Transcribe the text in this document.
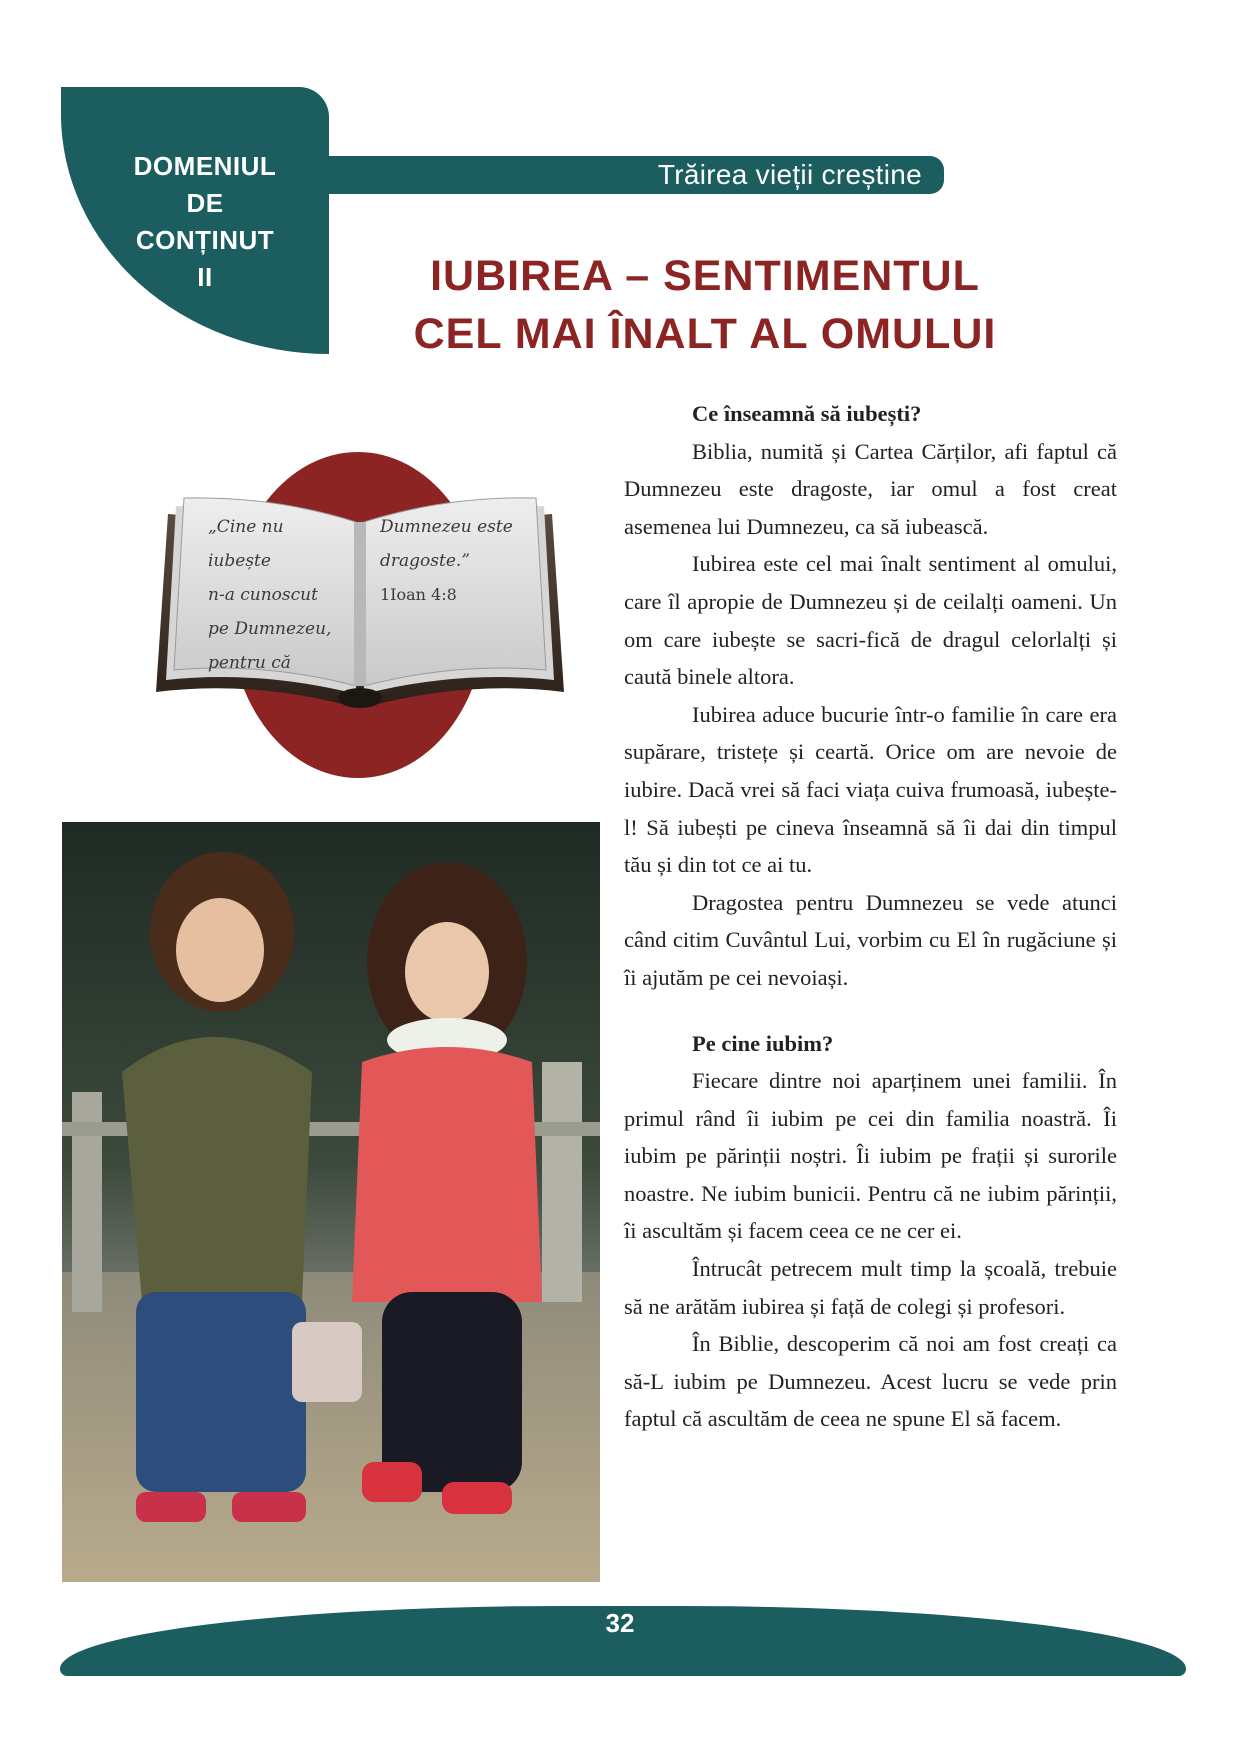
DOMENIUL
DE
CONȚINUT
II
Trăirea vieții creștine
IUBIREA – SENTIMENTUL
CEL MAI ÎNALT AL OMULUI
„Cine nu iubește
n-a cunoscut
pe Dumnezeu,
pentru că
Dumnezeu este
dragoste.”
1Ioan 4:8
Ce înseamnă să iubești?

Biblia, numită și Cartea Cărților, afi faptul că Dumnezeu este dragoste, iar omul a fost creat asemenea lui Dumnezeu, ca să iubească.

Iubirea este cel mai înalt sentiment al omului, care îl apropie de Dumnezeu și de ceilalți oameni. Un om care iubește se sacri-fică de dragul celorlalți și caută binele altora.

Iubirea aduce bucurie într-o familie în care era supărare, tristețe și ceartă. Orice om are nevoie de iubire. Dacă vrei să faci viața cuiva frumoasă, iubește-l! Să iubești pe cineva înseamnă să îi dai din timpul tău și din tot ce ai tu.

Dragostea pentru Dumnezeu se vede atunci când citim Cuvântul Lui, vorbim cu El în rugăciune și îi ajutăm pe cei nevoiași.

Pe cine iubim?

Fiecare dintre noi aparținem unei familii. În primul rând îi iubim pe cei din familia noastră. Îi iubim pe părinții noștri. Îi iubim pe frații și surorile noastre. Ne iubim bunicii. Pentru că ne iubim părinții, îi ascultăm și facem ceea ce ne cer ei.

Întrucât petrecem mult timp la școală, trebuie să ne arătăm iubirea și față de colegi și profesori.

În Biblie, descoperim că noi am fost creați ca să-L iubim pe Dumnezeu. Acest lucru se vede prin faptul că ascultăm de ceea ne spune El să facem.

32
